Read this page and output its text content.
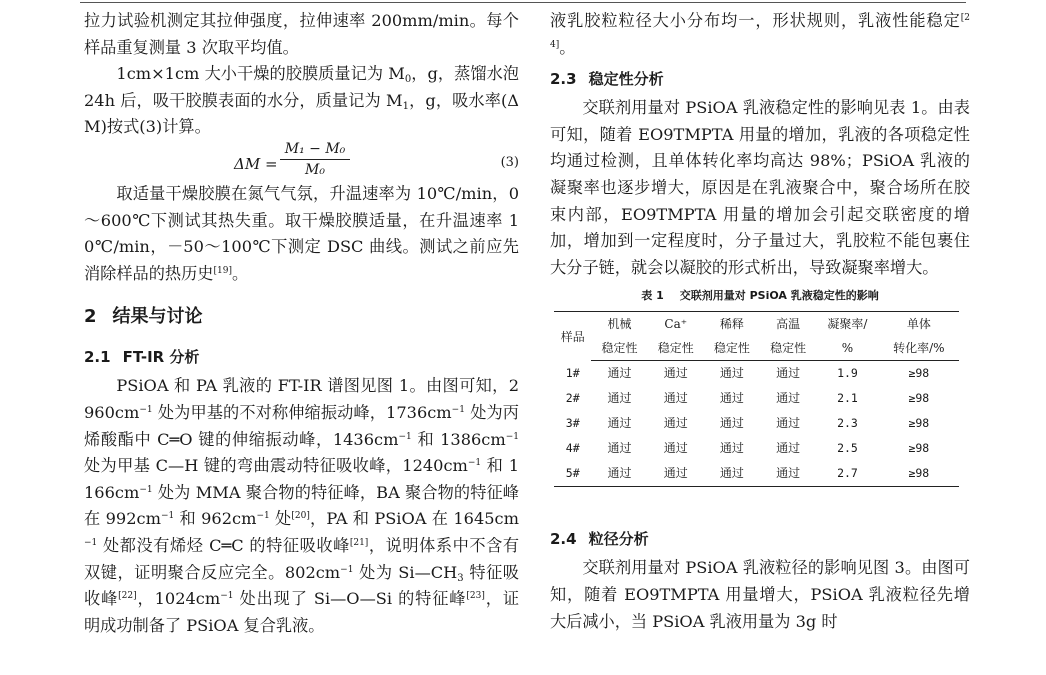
拉力试验机测定其拉伸强度，拉伸速率 200mm/min。每个样品重复测量 3 次取平均值。

1cm×1cm 大小干燥的胶膜质量记为 $M_0$，g，蒸馏水泡 24h 后，吸干胶膜表面的水分，质量记为 $M_1$，g，吸水率(ΔM)按式(3)计算。

$\Delta M = \frac{\text{M₁ − M₀}}{\text{M₀}}$	(3)

取适量干燥胶膜在氮气气氛，升温速率为 10℃/min，0～600℃下测试其热失重。取干燥胶膜适量，在升温速率 10℃/min，－50～100℃下测定 DSC 曲线。测试之前应先消除样品的热历史[19]。

2 结果与讨论
2.1 FT-IR 分析

PSiOA 和 PA 乳液的 FT-IR 谱图见图 1。由图可知，$2960cm^{-1}$ 处为甲基的不对称伸缩振动峰，$1736cm^{-1}$ 处为丙烯酸酯中 C═O 键的伸缩振动峰，$1436cm^{-1}$ 和 $1386cm^{-1}$ 处为甲基 C—H 键的弯曲震动特征吸收峰，$1240cm^{-1}$ 和 $1166cm^{-1}$ 处为 MMA 聚合物的特征峰，BA 聚合物的特征峰在 $992cm^{-1}$ 和 $962cm^{-1}$ 处[20]，PA 和 PSiOA 在 $1645cm^{-1}$ 处都没有烯烃 C═C 的特征吸收峰[21]，说明体系中不含有双键，证明聚合反应完全。$802cm^{-1}$ 处为 $Si—CH_3$ 特征吸收峰[22]，$1024cm^{-1}$ 处出现了 Si—O—Si 的特征峰[23]，证明成功制备了 PSiOA 复合乳液。

液乳胶粒粒径大小分布均一，形状规则，乳液性能稳定[24]。

2.3 稳定性分析

交联剂用量对 PSiOA 乳液稳定性的影响见表 1。由表可知，随着 EO9TMPTA 用量的增加，乳液的各项稳定性均通过检测，且单体转化率均高达 98%；PSiOA 乳液的凝聚率也逐步增大，原因是在乳液聚合中，聚合场所在胶束内部，EO9TMPTA 用量的增加会引起交联密度的增加，增加到一定程度时，分子量过大，乳胶粒不能包裹住大分子链，就会以凝胶的形式析出，导致凝聚率增大。

表 1 交联剂用量对 PSiOA 乳液稳定性的影响
样品	机械	Ca⁺	稀释	高温	凝聚率/	单体
	稳定性	稳定性	稳定性	稳定性	%	转化率/%
1#	通过	通过	通过	通过	1.9	≥98
2#	通过	通过	通过	通过	2.1	≥98
3#	通过	通过	通过	通过	2.3	≥98
4#	通过	通过	通过	通过	2.5	≥98
5#	通过	通过	通过	通过	2.7	≥98
2.4 粒径分析

交联剂用量对 PSiOA 乳液粒径的影响见图 3。由图可知，随着 EO9TMPTA 用量增大，PSiOA 乳液粒径先增大后减小，当 PSiOA 乳液用量为 3g 时
